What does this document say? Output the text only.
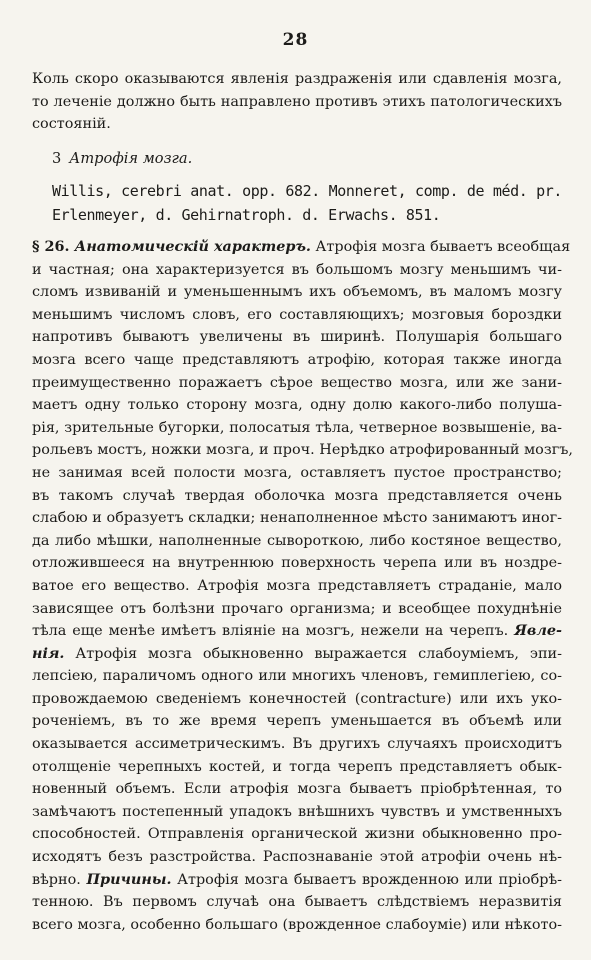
28
Коль скоро оказываются явленія раздраженія или сдавленія мозга,
то леченіе должно быть направлено противъ этихъ патологическихъ
состояній.
3 Атрофія мозга.
Willis, cerebri anat. opp. 682. Monneret, comp. de méd. pr.
Erlenmeyer, d. Gehirnatroph. d. Erwachs. 851.
§ 26. Анатомическій характеръ. Атрофія мозга бываетъ всеобщая
и частная; она характеризуется въ большомъ мозгу меньшимъ чи-
сломъ извиваній и уменьшеннымъ ихъ объемомъ, въ маломъ мозгу
меньшимъ числомъ словъ, его составляющихъ; мозговыя бороздки
напротивъ бываютъ увеличены въ ширинѣ. Полушарія большаго
мозга всего чаще представляютъ атрофію, которая также иногда
преимущественно поражаетъ сѣрое вещество мозга, или же зани-
маетъ одну только сторону мозга, одну долю какого-либо полуша-
рія, зрительные бугорки, полосатыя тѣла, четверное возвышеніе, ва-
рольевъ мостъ, ножки мозга, и проч. Нерѣдко атрофированный мозгъ,
не занимая всей полости мозга, оставляетъ пустое пространство;
въ такомъ случаѣ твердая оболочка мозга представляется очень
слабою и образуетъ складки; ненаполненное мѣсто занимаютъ иног-
да либо мѣшки, наполненные сывороткою, либо костяное вещество,
отложившееся на внутреннюю поверхность черепа или въ ноздре-
ватое его вещество. Атрофія мозга представляетъ страданіе, мало
зависящее отъ болѣзни прочаго организма; и всеобщее похуднѣніе
тѣла еще менѣе имѣетъ вліяніе на мозгъ, нежели на черепъ. Явле-
нія. Атрофія мозга обыкновенно выражается слабоуміемъ, эпи-
лепсіею, параличомъ одного или многихъ членовъ, гемиплегіею, со-
провождаемою сведеніемъ конечностей (contracture) или ихъ уко-
роченіемъ, въ то же время черепъ уменьшается въ объемѣ или
оказывается ассиметрическимъ. Въ другихъ случаяхъ происходитъ
отолщеніе черепныхъ костей, и тогда черепъ представляетъ обык-
новенный объемъ. Если атрофія мозга бываетъ пріобрѣтенная, то
замѣчаютъ постепенный упадокъ внѣшнихъ чувствъ и умственныхъ
способностей. Отправленія органической жизни обыкновенно про-
исходятъ безъ разстройства. Распознаваніе этой атрофіи очень нѣ-
вѣрно. Причины. Атрофія мозга бываетъ врожденною или пріобрѣ-
тенною. Въ первомъ случаѣ она бываетъ слѣдствіемъ неразвитія
всего мозга, особенно большаго (врожденное слабоуміе) или нѣкото-
